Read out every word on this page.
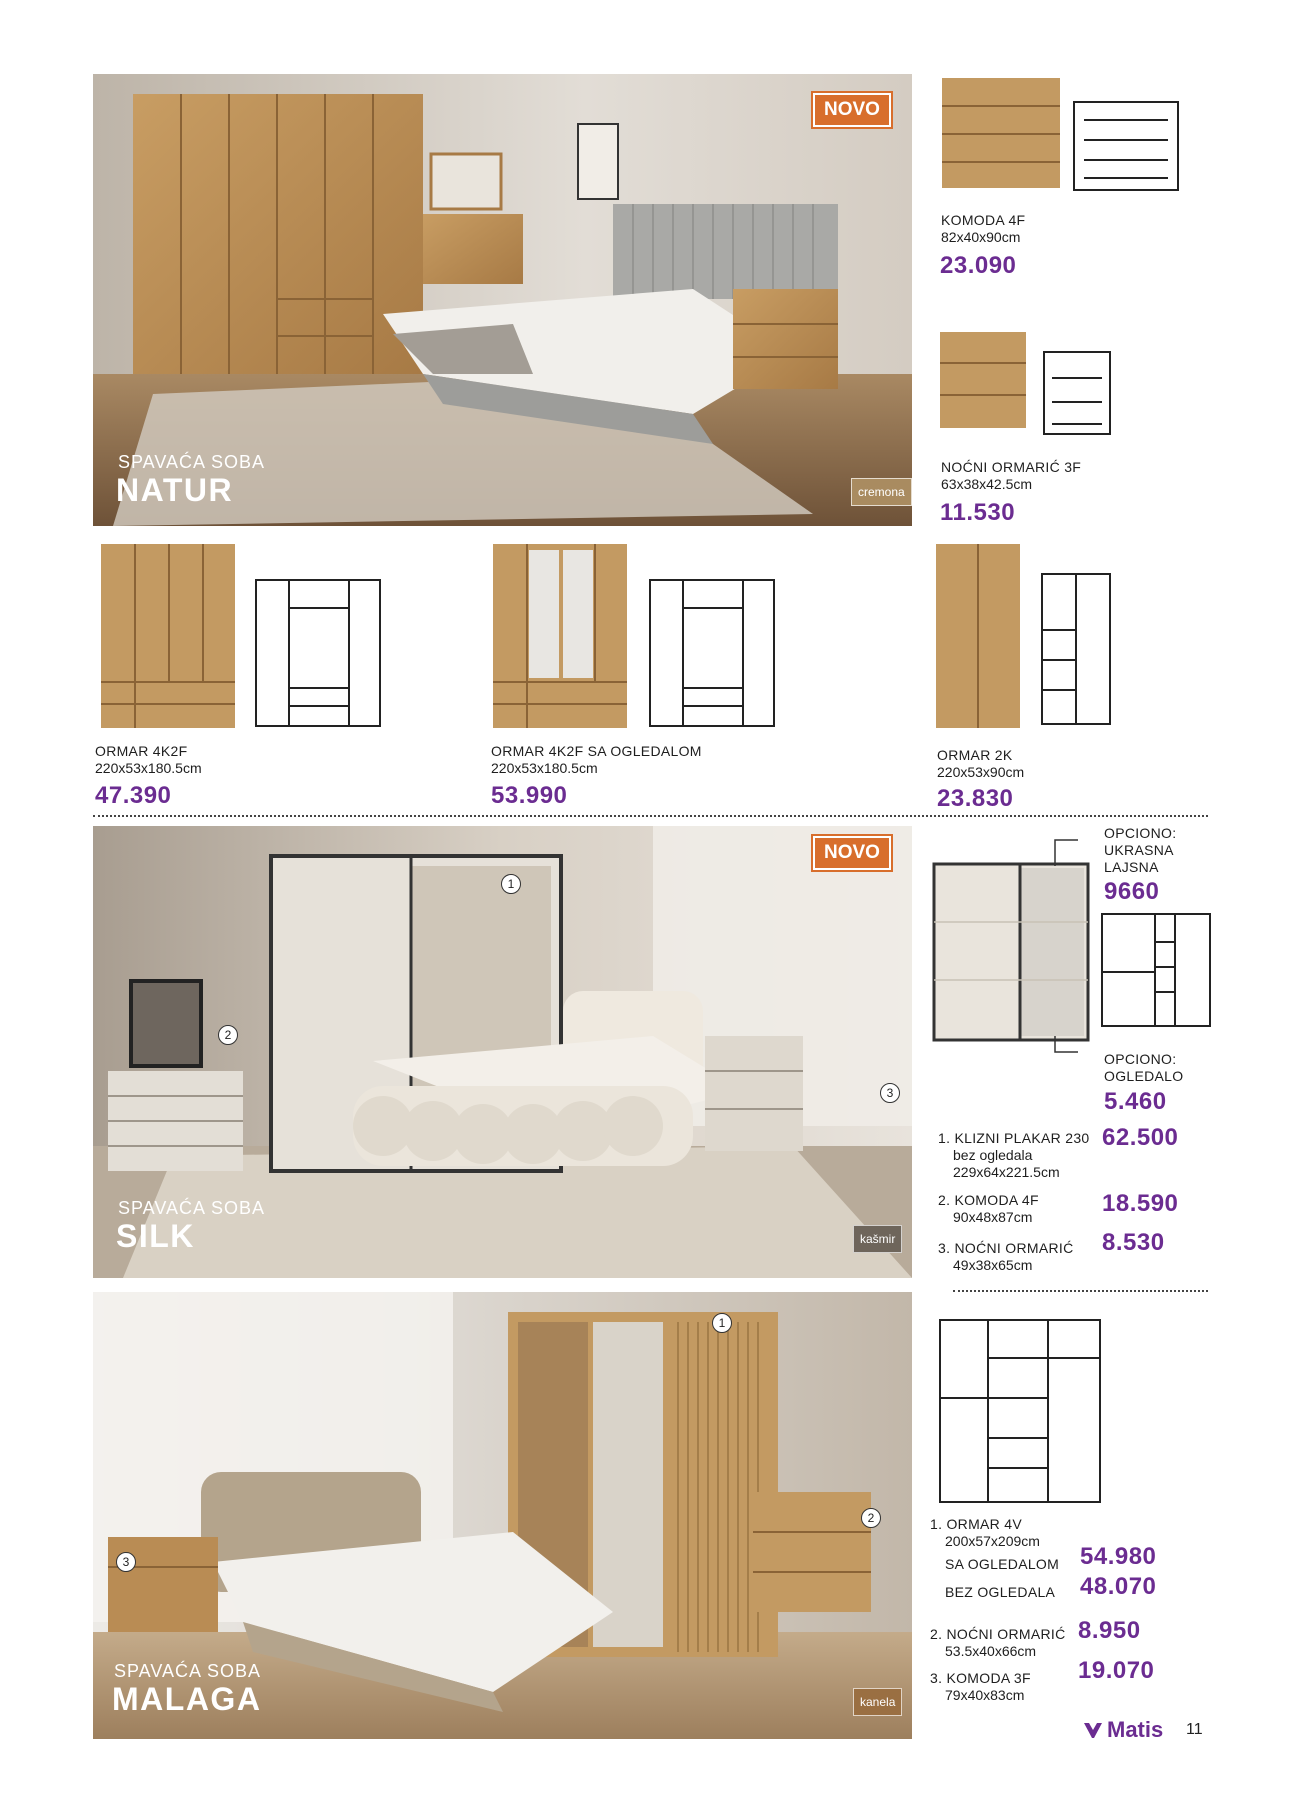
NOVO
SPAVAĆA SOBA
NATUR	cremona
KOMODA 4F
82x40x90cm
23.090
NOĆNI ORMARIĆ 3F
63x38x42.5cm
11.530
ORMAR 4K2F
220x53x180.5cm
47.390
ORMAR 4K2F SA OGLEDALOM
220x53x180.5cm
53.990
ORMAR 2K
220x53x90cm
23.830
NOVO
1
2
3
SPAVAĆA SOBA
SILK	kašmir
OPCIONO:
UKRASNA
LAJSNA
9660
OPCIONO:
OGLEDALO
5.460
1. KLIZNI PLAKAR 230
bez ogledala
229x64x221.5cm
62.500
2. KOMODA 4F
90x48x87cm	18.590
3. NOĆNI ORMARIĆ
49x38x65cm
8.530
1
2
3
SPAVAĆA SOBA
MALAGA	kanela
1. ORMAR 4V
200x57x209cm
SA OGLEDALOM 54.980
BEZ OGLEDALA 48.070
2. NOĆNI ORMARIĆ
53.5x40x66cm
8.950
3. KOMODA 3F
79x40x83cm
19.070
Matis 11
